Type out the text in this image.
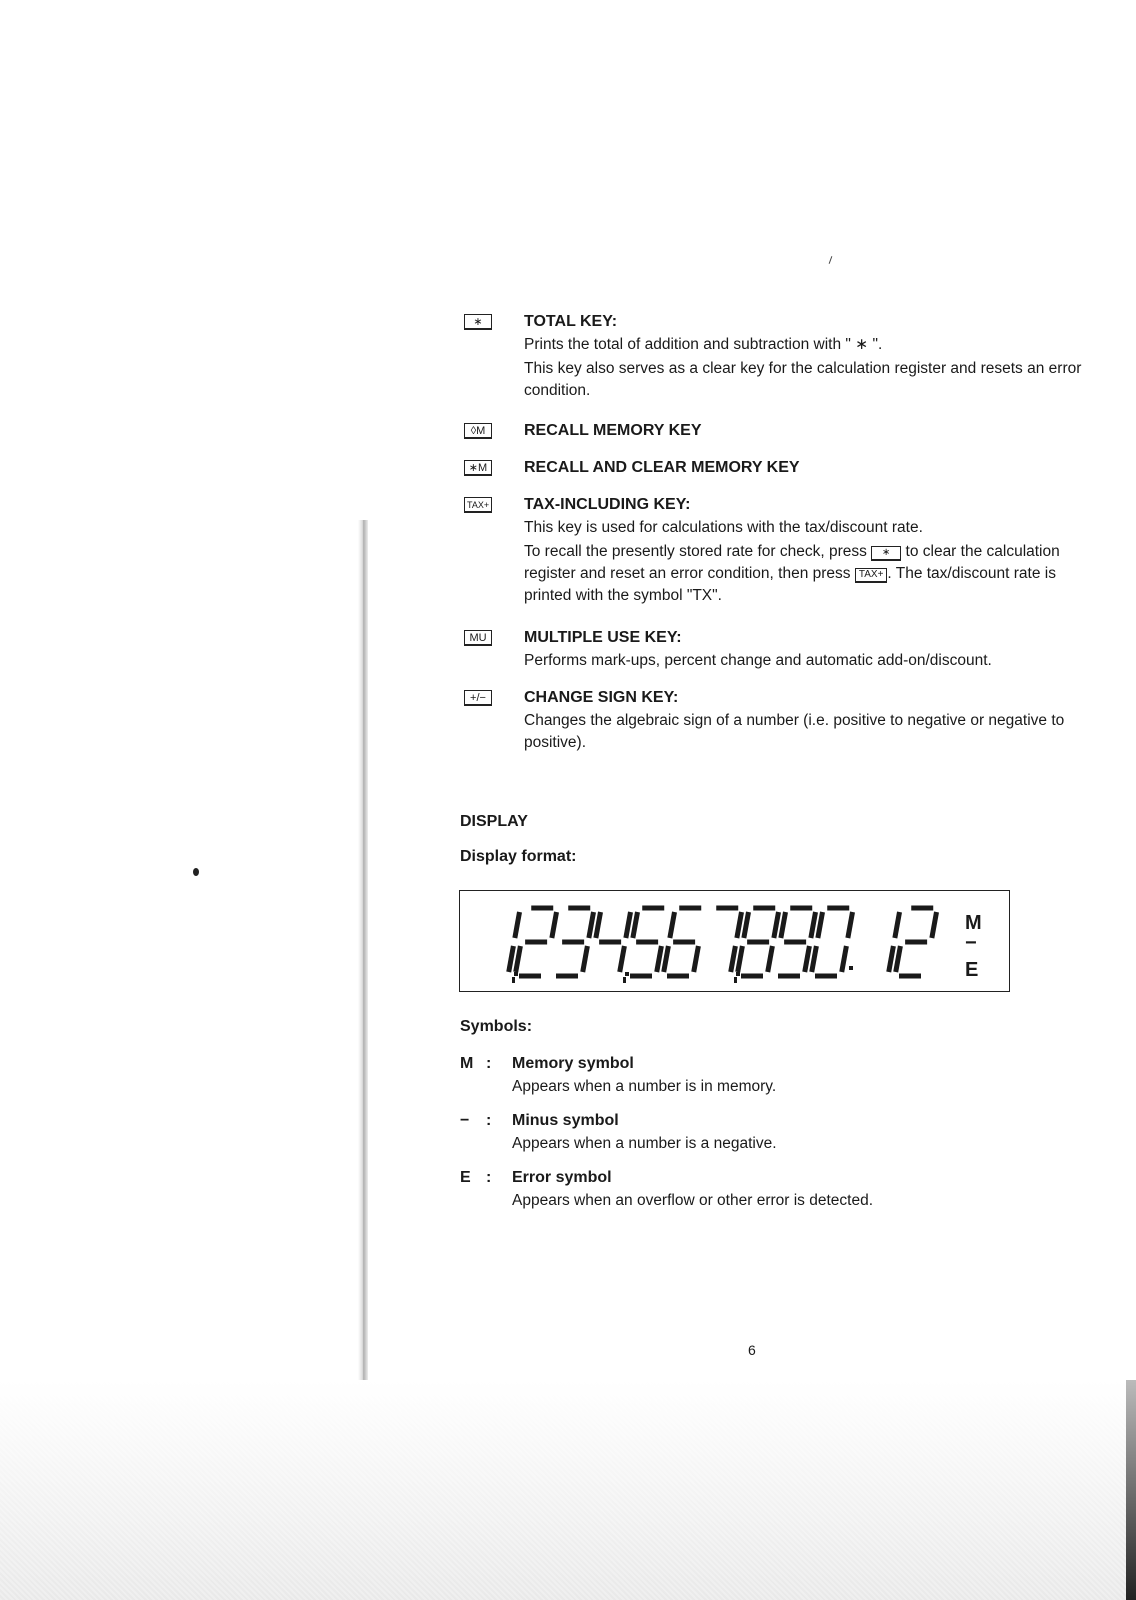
∗	TOTAL KEY:

Prints the total of addition and subtraction with " ∗ ".

This key also serves as a clear key for the calculation register and resets an error condition.

◊M	RECALL MEMORY KEY

∗M	RECALL AND CLEAR MEMORY KEY

TAX+ TAX-INCLUDING KEY:

This key is used for calculations with the tax/discount rate.

To recall the presently stored rate for check, press ∗ to clear the calculation register and reset an error condition, then press TAX+ . The tax/discount rate is printed with the symbol "TX".

MU	MULTIPLE USE KEY:

Performs mark-ups, percent change and automatic add-on/discount.

+/−	CHANGE SIGN KEY:

Changes the algebraic sign of a number (i.e. positive to negative or negative to positive).

DISPLAY

Display format:

M
−
E

Symbols:

M : Memory symbol

Appears when a number is in memory.

−	: Minus symbol

Appears when a number is a negative.

E : Error symbol

Appears when an overflow or other error is detected.

6
